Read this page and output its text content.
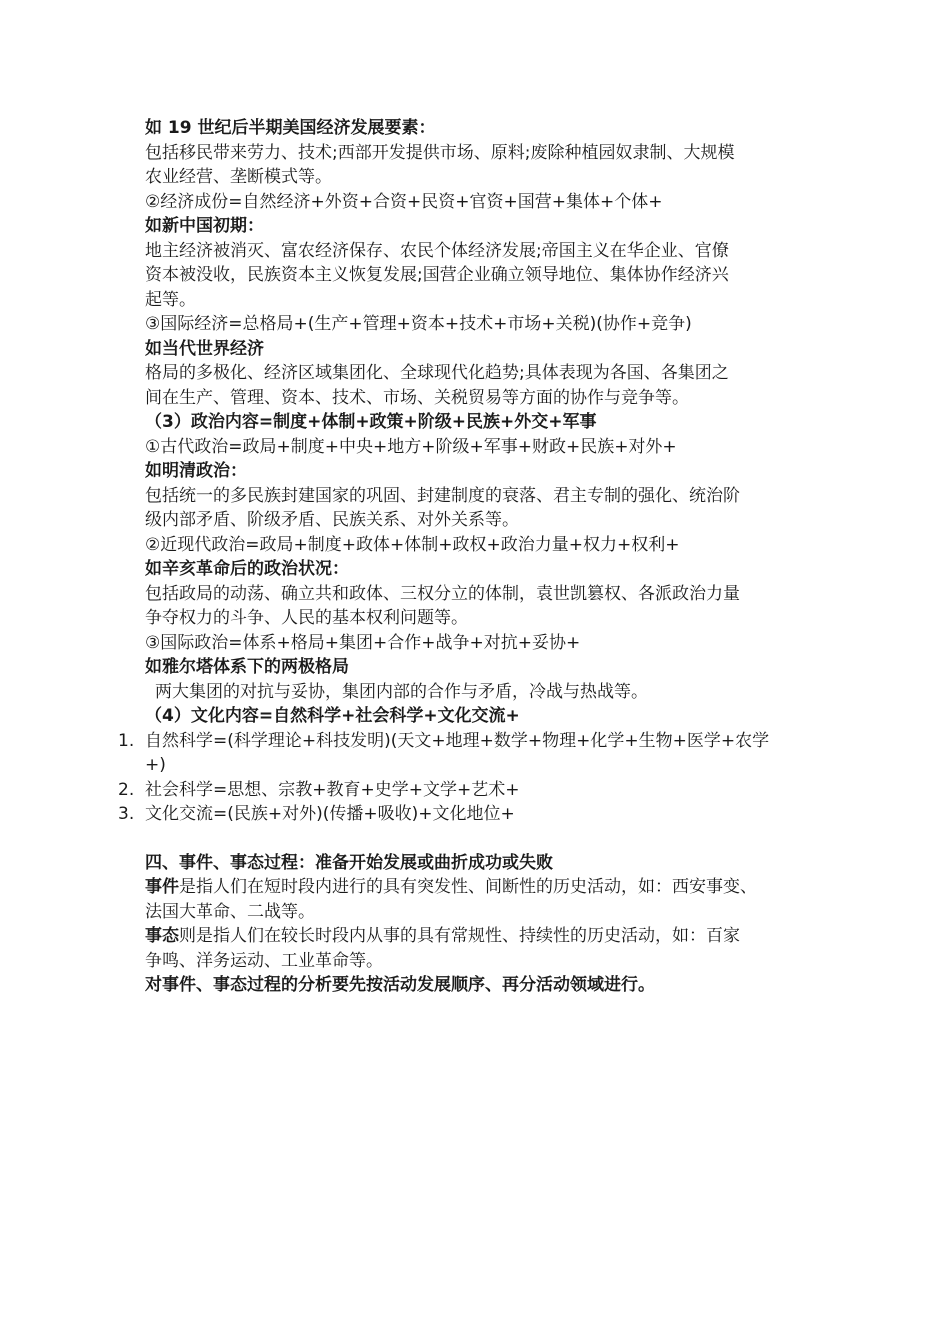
如 19 世纪后半期美国经济发展要素：
包括移民带来劳力、技术;西部开发提供市场、原料;废除种植园奴隶制、大规模
农业经营、垄断模式等。
②经济成份=自然经济+外资+合资+民资+官资+国营+集体+个体+
如新中国初期：
地主经济被消灭、富农经济保存、农民个体经济发展;帝国主义在华企业、官僚
资本被没收，民族资本主义恢复发展;国营企业确立领导地位、集体协作经济兴
起等。
③国际经济=总格局+(生产+管理+资本+技术+市场+关税)(协作+竞争)
如当代世界经济
格局的多极化、经济区域集团化、全球现代化趋势;具体表现为各国、各集团之
间在生产、管理、资本、技术、市场、关税贸易等方面的协作与竞争等。
（3）政治内容=制度+体制+政策+阶级+民族+外交+军事
①古代政治=政局+制度+中央+地方+阶级+军事+财政+民族+对外+
如明清政治：
包括统一的多民族封建国家的巩固、封建制度的衰落、君主专制的强化、统治阶
级内部矛盾、阶级矛盾、民族关系、对外关系等。
②近现代政治=政局+制度+政体+体制+政权+政治力量+权力+权利+
如辛亥革命后的政治状况：
包括政局的动荡、确立共和政体、三权分立的体制，袁世凯篡权、各派政治力量
争夺权力的斗争、人民的基本权利问题等。
③国际政治=体系+格局+集团+合作+战争+对抗+妥协+
如雅尔塔体系下的两极格局
两大集团的对抗与妥协，集团内部的合作与矛盾，冷战与热战等。
（4）文化内容=自然科学+社会科学+文化交流+
1. 自然科学=(科学理论+科技发明)(天文+地理+数学+物理+化学+生物+医学+农学
+)
2. 社会科学=思想、宗教+教育+史学+文学+艺术+
3. 文化交流=(民族+对外)(传播+吸收)+文化地位+
四、事件、事态过程：准备开始发展或曲折成功或失败
事件是指人们在短时段内进行的具有突发性、间断性的历史活动，如：西安事变、
法国大革命、二战等。
事态则是指人们在较长时段内从事的具有常规性、持续性的历史活动，如：百家
争鸣、洋务运动、工业革命等。
对事件、事态过程的分析要先按活动发展顺序、再分活动领域进行。
